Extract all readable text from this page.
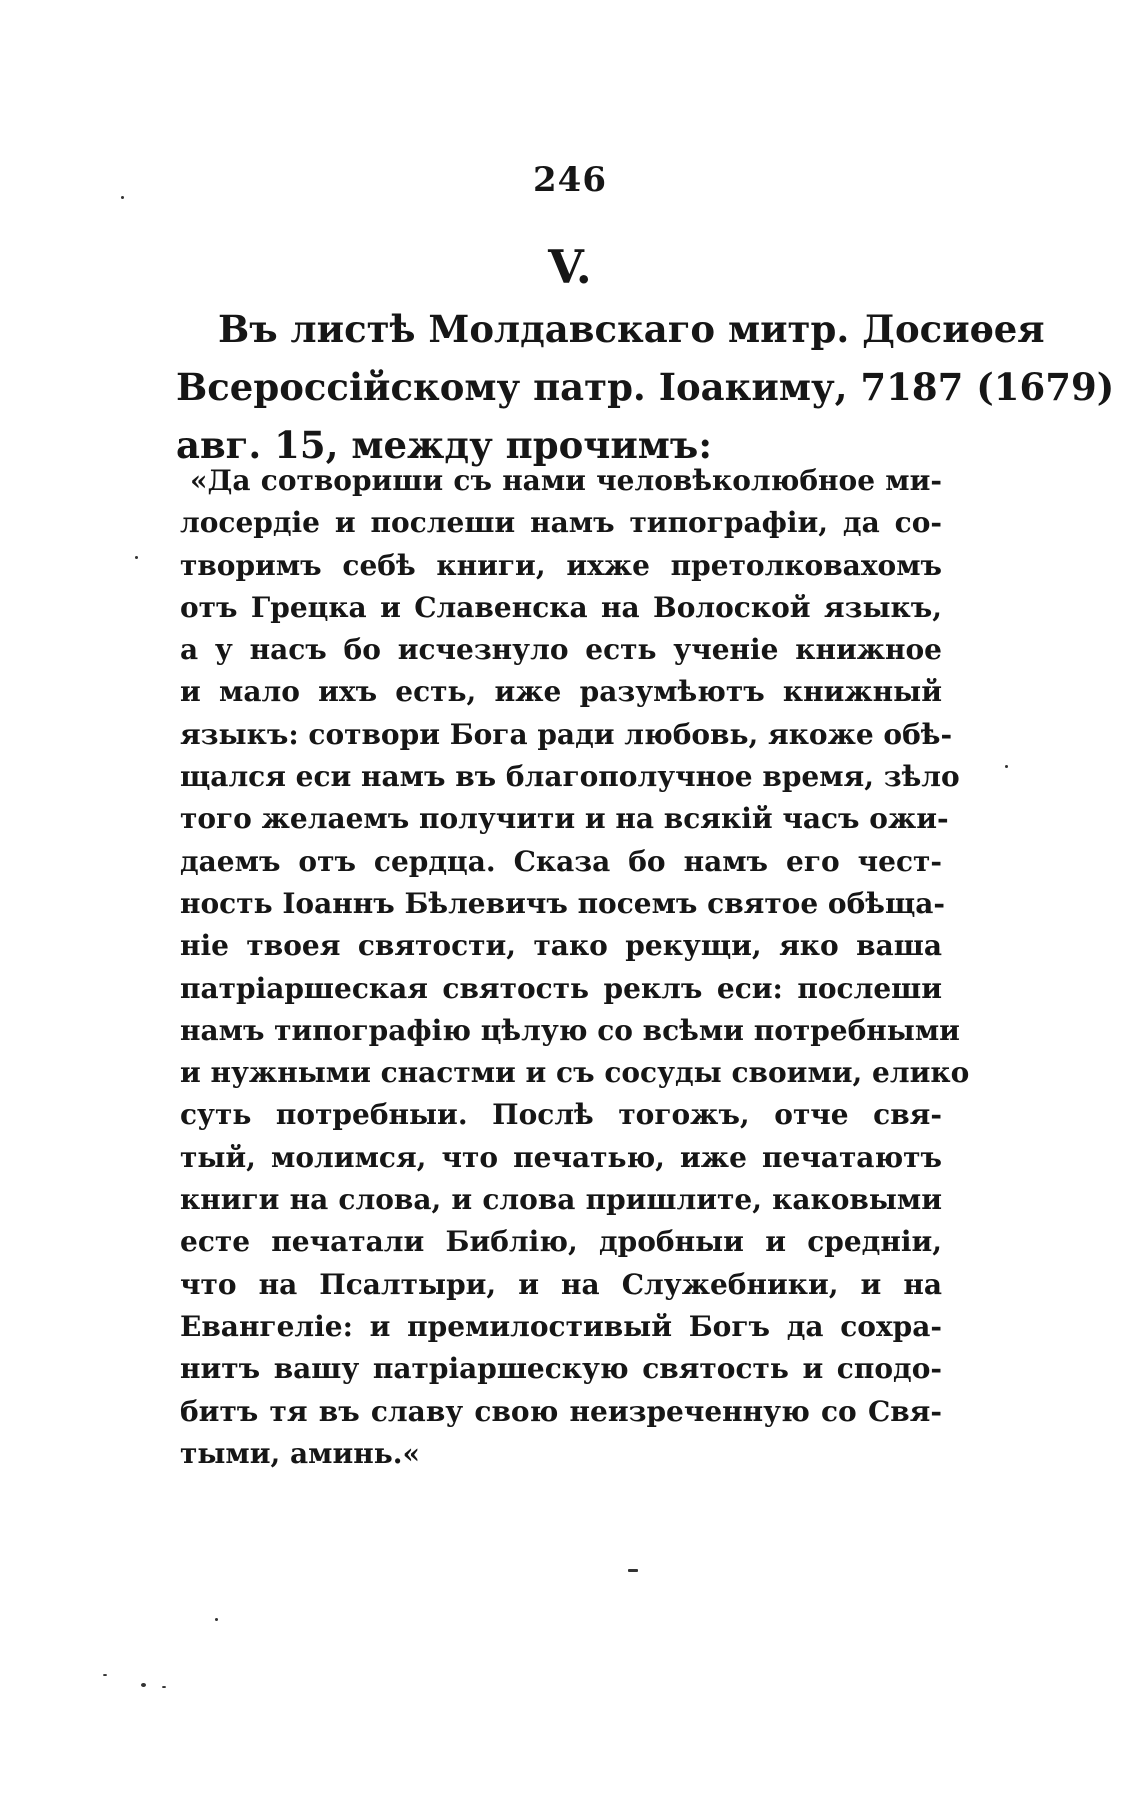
246
V.
Въ листѣ Молдавскаго митр. Досиѳея
Всероссійскому патр. Іоакиму, 7187 (1679)
авг. 15, между прочимъ:
«Да сотвориши съ нами человѣколюбное ми-
лосердіе и послеши намъ типографіи, да со-
творимъ себѣ книги, ихже претолковахомъ
отъ Грецка и Славенска на Волоской языкъ,
а у насъ бо исчезнуло есть ученіе книжное
и мало ихъ есть, иже разумѣютъ книжный
языкъ: сотвори Бога ради любовь, якоже обѣ-
щался еси намъ въ благополучное время, зѣло
того желаемъ получити и на всякій часъ ожи-
даемъ отъ сердца. Сказа бо намъ его чест-
ность Іоаннъ Бѣлевичъ посемъ святое обѣща-
ніе твоея святости, тако рекущи, яко ваша
патріаршеская святость реклъ еси: послеши
намъ типографію цѣлую со всѣми потребными
и нужными снастми и съ сосуды своими, елико
суть потребныи. Послѣ тогожъ, отче свя-
тый, молимся, что печатью, иже печатаютъ
книги на слова, и слова пришлите, каковыми
есте печатали Библію, дробныи и средніи,
что на Псалтыри, и на Служебники, и на
Евангеліе: и премилостивый Богъ да сохра-
нитъ вашу патріаршескую святость и сподо-
битъ тя въ славу свою неизреченную со Свя-
тыми, аминь.«
